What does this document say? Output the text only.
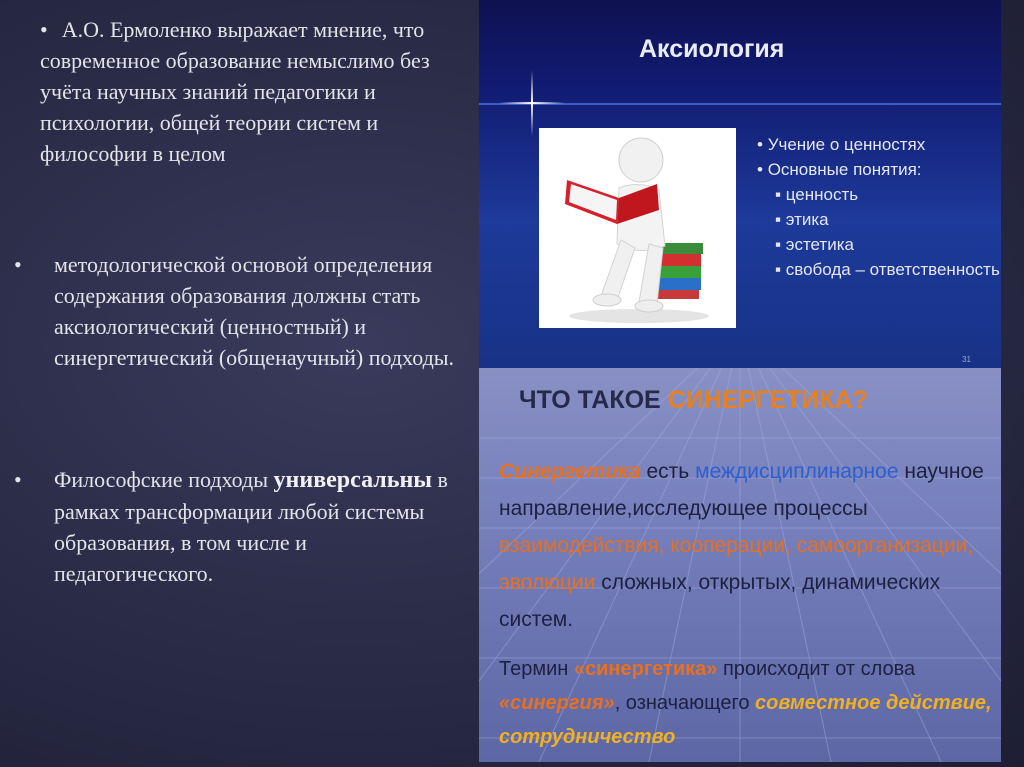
• А.О. Ермоленко выражает мнение, что современное образование немыслимо без учёта научных знаний педагогики и психологии, общей теории систем и философии в целом
•	методологической основой определения содержания образования должны стать аксиологический (ценностный) и синергетический (общенаучный) подходы.
•	Философские подходы универсальны в рамках трансформации любой системы образования, в том числе и педагогического.
Аксиология
• Учение о ценностях
• Основные понятия:
▪ ценность
▪ этика
▪ эстетика
▪ свобода – ответственность
31
ЧТО ТАКОЕ СИНЕРГЕТИКА?
Синергетика есть междисциплинарное научное направление,исследующее процессы взаимодействия, кооперации, самоорганизации, эволюции сложных, открытых, динамических систем.
Термин «синергетика» происходит от слова «синергия», означающего совместное действие, сотрудничество
